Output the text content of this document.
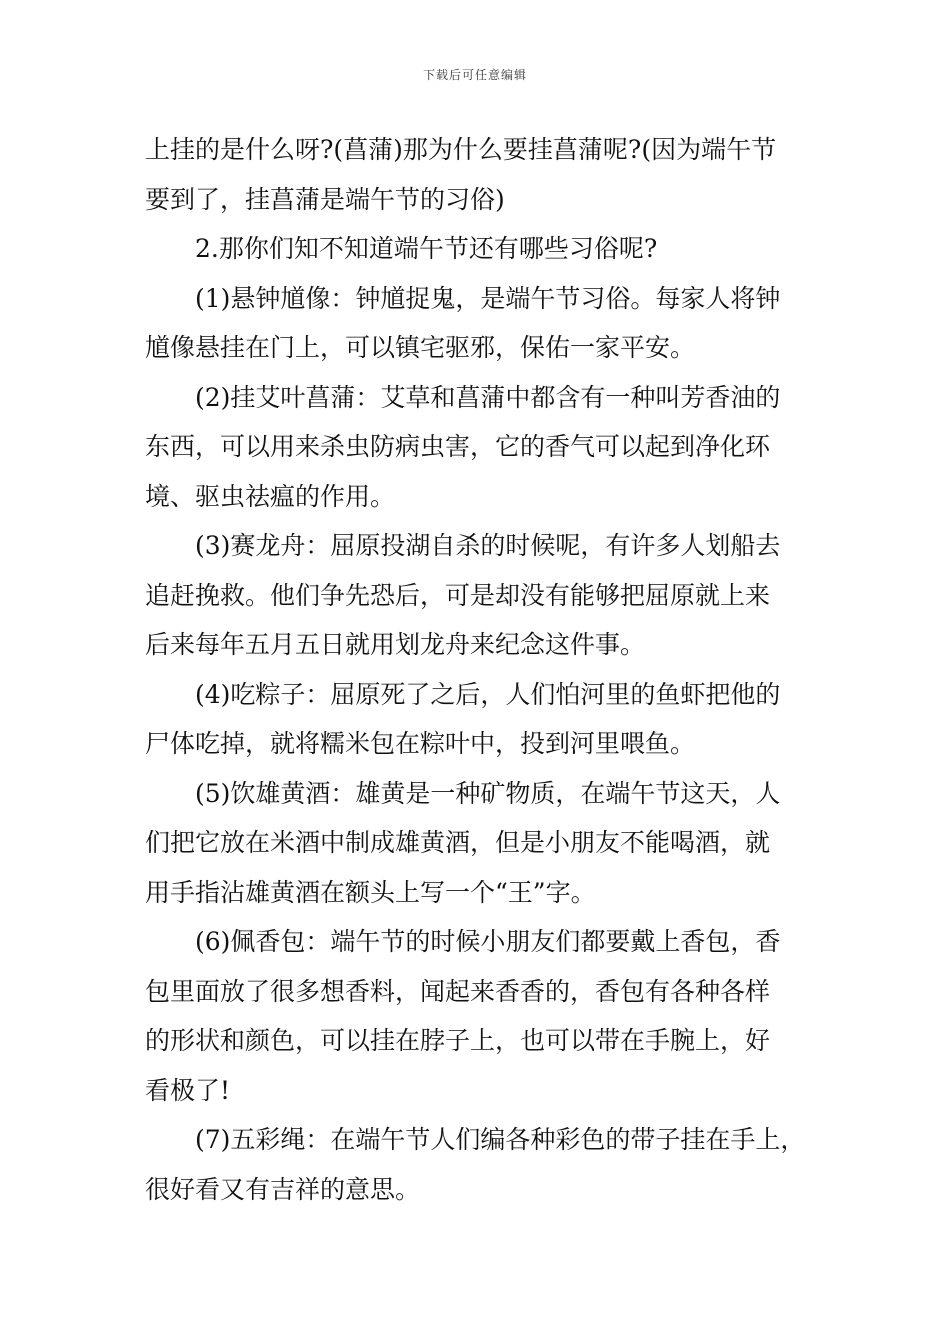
下载后可任意编辑

上挂的是什么呀?(菖蒲)那为什么要挂菖蒲呢?(因为端午节
要到了，挂菖蒲是端午节的习俗)

2.那你们知不知道端午节还有哪些习俗呢?

(1)悬钟馗像：钟馗捉鬼，是端午节习俗。每家人将钟
馗像悬挂在门上，可以镇宅驱邪，保佑一家平安。

(2)挂艾叶菖蒲：艾草和菖蒲中都含有一种叫芳香油的
东西，可以用来杀虫防病虫害，它的香气可以起到净化环
境、驱虫祛瘟的作用。

(3)赛龙舟：屈原投湖自杀的时候呢，有许多人划船去
追赶挽救。他们争先恐后，可是却没有能够把屈原就上来
后来每年五月五日就用划龙舟来纪念这件事。

(4)吃粽子：屈原死了之后，人们怕河里的鱼虾把他的
尸体吃掉，就将糯米包在粽叶中，投到河里喂鱼。

(5)饮雄黄酒：雄黄是一种矿物质，在端午节这天，人
们把它放在米酒中制成雄黄酒，但是小朋友不能喝酒，就
用手指沾雄黄酒在额头上写一个“王”字。

(6)佩香包：端午节的时候小朋友们都要戴上香包，香
包里面放了很多想香料，闻起来香香的，香包有各种各样
的形状和颜色，可以挂在脖子上，也可以带在手腕上，好
看极了!

(7)五彩绳：在端午节人们编各种彩色的带子挂在手上，
很好看又有吉祥的意思。
